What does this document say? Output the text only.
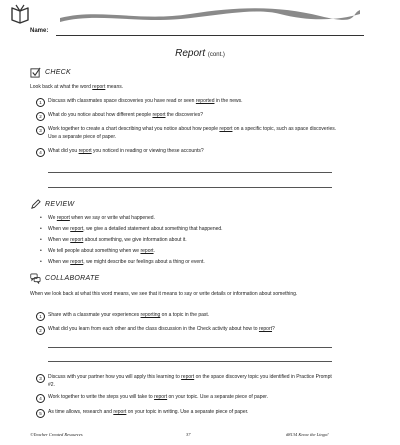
Name:
Report (cont.)
CHECK
Look back at what the word report means.
1	Discuss with classmates space discoveries you have read or seen reported in the news.
2	What do you notice about how different people report the discoveries?
3	Work together to create a chart describing what you notice about how people report on a specific topic, such as space discoveries. Use a separate piece of paper.
4	What did you report you noticed in reading or viewing these accounts?
REVIEW
• We report when we say or write what happened.
• When we report, we give a detailed statement about something that happened.
• When we report about something, we give information about it.
• We tell people about something when we report.
• When we report, we might describe our feelings about a thing or event.
COLLABORATE
When we look back at what this word means, we see that it means to say or write details or information about something.
1	Share with a classmate your experiences reporting on a topic in the past.
2	What did you learn from each other and the class discussion in the Check activity about how to report?
3	Discuss with your partner how you will apply this learning to report on the space discovery topic you identified in Practice Prompt #2.
4	Work together to write the steps you will take to report on your topic. Use a separate piece of paper.
5	As time allows, research and report on your topic in writing. Use a separate piece of paper.
©Teacher Created Resources	37	#8134 Know the Lingo!
